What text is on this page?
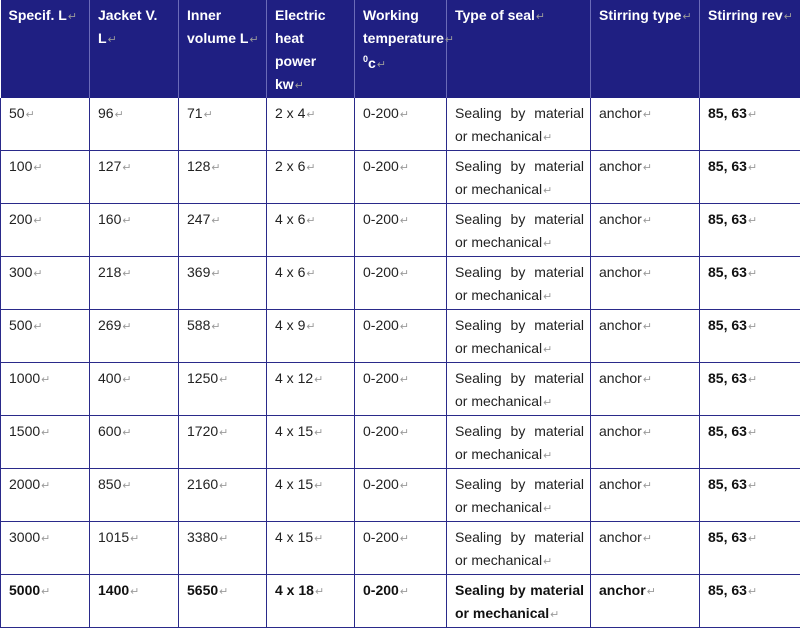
Specif. L↵	Jacket V. L↵	Inner
volume L↵	Electric
heat power
kw↵	Working
temperature↵
$^0$c↵	Type of seal↵	Stirring type↵	Stirring rev↵
50↵	96↵	71↵	2 x 4↵	0-200↵	Sealing by material
or mechanical↵	anchor↵	85, 63↵
100↵	127↵	128↵	2 x 6↵	0-200↵	Sealing by material
or mechanical↵	anchor↵	85, 63↵
200↵	160↵	247↵	4 x 6↵	0-200↵	Sealing by material
or mechanical↵	anchor↵	85, 63↵
300↵	218↵	369↵	4 x 6↵	0-200↵	Sealing by material
or mechanical↵	anchor↵	85, 63↵
500↵	269↵	588↵	4 x 9↵	0-200↵	Sealing by material
or mechanical↵	anchor↵	85, 63↵
1000↵	400↵	1250↵	4 x 12↵	0-200↵	Sealing by material
or mechanical↵	anchor↵	85, 63↵
1500↵	600↵	1720↵	4 x 15↵	0-200↵	Sealing by material
or mechanical↵	anchor↵	85, 63↵
2000↵	850↵	2160↵	4 x 15↵	0-200↵	Sealing by material
or mechanical↵	anchor↵	85, 63↵
3000↵	1015↵	3380↵	4 x 15↵	0-200↵	Sealing by material
or mechanical↵	anchor↵	85, 63↵
5000↵	1400↵	5650↵	4 x 18↵	0-200↵	Sealing by material
or mechanical↵	anchor↵	85, 63↵
